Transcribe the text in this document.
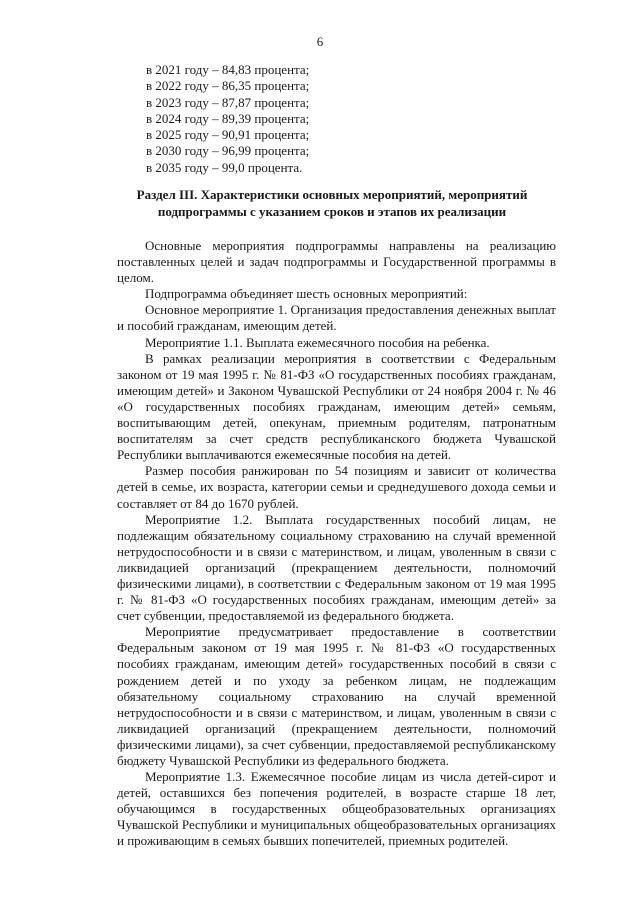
6
в 2021 году – 84,83 процента;
в 2022 году – 86,35 процента;
в 2023 году – 87,87 процента;
в 2024 году – 89,39 процента;
в 2025 году – 90,91 процента;
в 2030 году – 96,99 процента;
в 2035 году – 99,0 процента.
Раздел III. Характеристики основных мероприятий, мероприятий подпрограммы с указанием сроков и этапов их реализации

Основные мероприятия подпрограммы направлены на реализацию поставленных целей и задач подпрограммы и Государственной программы в целом.

Подпрограмма объединяет шесть основных мероприятий:

Основное мероприятие 1. Организация предоставления денежных выплат и пособий гражданам, имеющим детей.

Мероприятие 1.1. Выплата ежемесячного пособия на ребенка.

В рамках реализации мероприятия в соответствии с Федеральным законом от 19 мая 1995 г. № 81-ФЗ «О государственных пособиях гражданам, имеющим детей» и Законом Чувашской Республики от 24 ноября 2004 г. № 46 «О государственных пособиях гражданам, имеющим детей» семьям, воспитывающим детей, опекунам, приемным родителям, патронатным воспитателям за счет средств республиканского бюджета Чувашской Республики выплачиваются ежемесячные пособия на детей.

Размер пособия ранжирован по 54 позициям и зависит от количества детей в семье, их возраста, категории семьи и среднедушевого дохода семьи и составляет от 84 до 1670 рублей.

Мероприятие 1.2. Выплата государственных пособий лицам, не подлежащим обязательному социальному страхованию на случай временной нетрудоспособности и в связи с материнством, и лицам, уволенным в связи с ликвидацией организаций (прекращением деятельности, полномочий физическими лицами), в соответствии с Федеральным законом от 19 мая 1995 г. № 81-ФЗ «О государственных пособиях гражданам, имеющим детей» за счет субвенции, предоставляемой из федерального бюджета.

Мероприятие предусматривает предоставление в соответствии Федеральным законом от 19 мая 1995 г. № 81-ФЗ «О государственных пособиях гражданам, имеющим детей» государственных пособий в связи с рождением детей и по уходу за ребенком лицам, не подлежащим обязательному социальному страхованию на случай временной нетрудоспособности и в связи с материнством, и лицам, уволенным в связи с ликвидацией организаций (прекращением деятельности, полномочий физическими лицами), за счет субвенции, предоставляемой республиканскому бюджету Чувашской Республики из федерального бюджета.

Мероприятие 1.3. Ежемесячное пособие лицам из числа детей-сирот и детей, оставшихся без попечения родителей, в возрасте старше 18 лет, обучающимся в государственных общеобразовательных организациях Чувашской Республики и муниципальных общеобразовательных организациях и проживающим в семьях бывших попечителей, приемных родителей.
